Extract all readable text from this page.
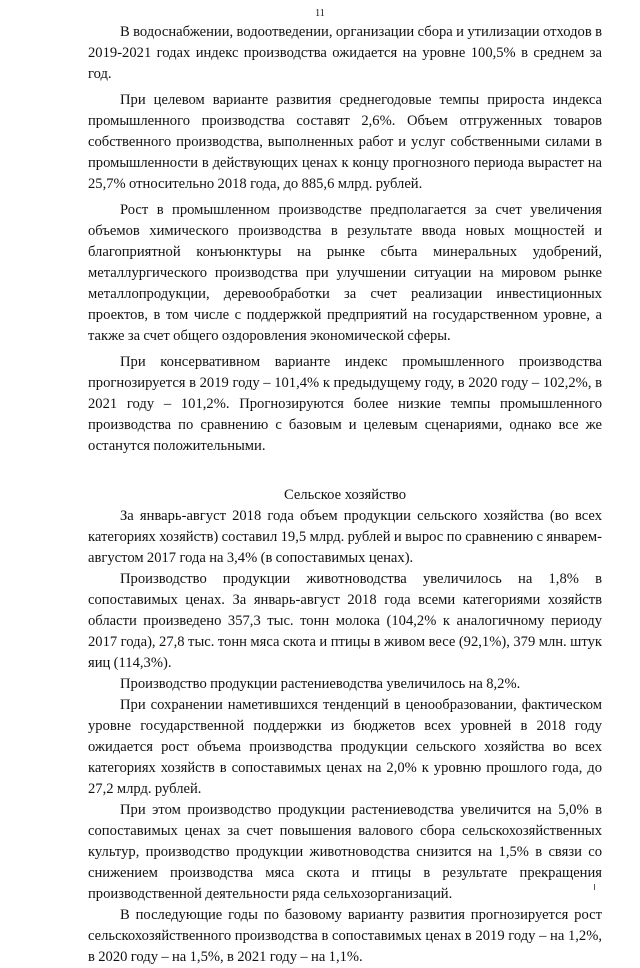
11

В водоснабжении, водоотведении, организации сбора и утилизации отходов в 2019-2021 годах индекс производства ожидается на уровне 100,5% в среднем за год.

При целевом варианте развития среднегодовые темпы прироста индекса промышленного производства составят 2,6%. Объем отгруженных товаров собственного производства, выполненных работ и услуг собственными силами в промышленности в действующих ценах к концу прогнозного периода вырастет на 25,7% относительно 2018 года, до 885,6 млрд. рублей.

Рост в промышленном производстве предполагается за счет увеличения объемов химического производства в результате ввода новых мощностей и благоприятной конъюнктуры на рынке сбыта минеральных удобрений, металлургического производства при улучшении ситуации на мировом рынке металлопродукции, деревообработки за счет реализации инвестиционных проектов, в том числе с поддержкой предприятий на государственном уровне, а также за счет общего оздоровления экономической сферы.

При консервативном варианте индекс промышленного производства прогнозируется в 2019 году – 101,4% к предыдущему году, в 2020 году – 102,2%, в 2021 году – 101,2%. Прогнозируются более низкие темпы промышленного производства по сравнению с базовым и целевым сценариями, однако все же останутся положительными.

Сельское хозяйство

За январь-август 2018 года объем продукции сельского хозяйства (во всех категориях хозяйств) составил 19,5 млрд. рублей и вырос по сравнению с январем-августом 2017 года на 3,4% (в сопоставимых ценах).

Производство продукции животноводства увеличилось на 1,8% в сопоставимых ценах. За январь-август 2018 года всеми категориями хозяйств области произведено 357,3 тыс. тонн молока (104,2% к аналогичному периоду 2017 года), 27,8 тыс. тонн мяса скота и птицы в живом весе (92,1%), 379 млн. штук яиц (114,3%).

Производство продукции растениеводства увеличилось на 8,2%.

При сохранении наметившихся тенденций в ценообразовании, фактическом уровне государственной поддержки из бюджетов всех уровней в 2018 году ожидается рост объема производства продукции сельского хозяйства во всех категориях хозяйств в сопоставимых ценах на 2,0% к уровню прошлого года, до 27,2 млрд. рублей.

При этом производство продукции растениеводства увеличится на 5,0% в сопоставимых ценах за счет повышения валового сбора сельскохозяйственных культур, производство продукции животноводства снизится на 1,5% в связи со снижением производства мяса скота и птицы в результате прекращения производственной деятельности ряда сельхозорганизаций.

В последующие годы по базовому варианту развития прогнозируется рост сельскохозяйственного производства в сопоставимых ценах в 2019 году – на 1,2%, в 2020 году – на 1,5%, в 2021 году – на 1,1%.
